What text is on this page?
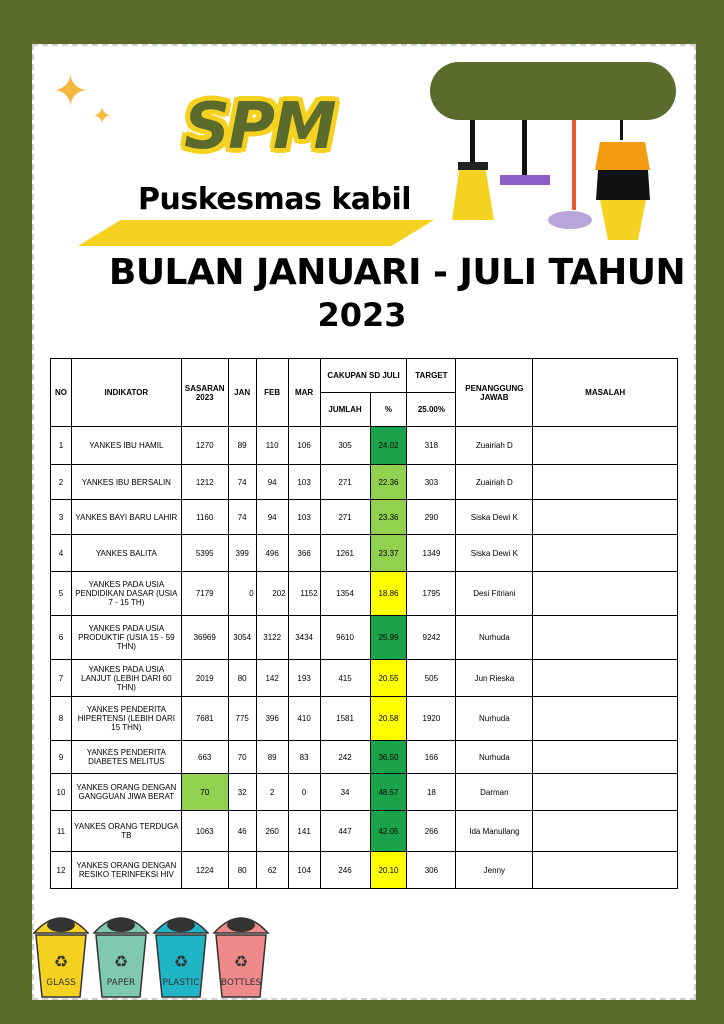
✦ ✦ SPM
Puskesmas kabil
BULAN JANUARI - JULI TAHUN
2023
NO	INDIKATOR	SASARAN 2023	JAN	FEB	MAR	CAKUPAN SD JULI		TARGET	PENANGGUNG JAWAB	MASALAH
						JUMLAH	%	25.00%		
1	YANKES IBU HAMIL	1270	89	110	106	305	24.02	318	Zuairiah D	
2	YANKES IBU BERSALIN	1212	74	94	103	271	22.36	303	Zuairiah D	
3	YANKES BAYI BARU LAHIR	1160	74	94	103	271	23.36	290	Siska Dewi K	
4	YANKES BALITA	5395	399	496	366	1261	23.37	1349	Siska Dewi K	
5	YANKES PADA USIA PENDIDIKAN DASAR (USIA 7 - 15 TH)	7179	0	202	1152	1354	18.86	1795	Desi Fitriani	
6	YANKES PADA USIA PRODUKTIF (USIA 15 - 59 THN)	36969	3054	3122	3434	9610	25.99	9242	Nurhuda	
7	YANKES PADA USIA LANJUT (LEBIH DARI 60 THN)	2019	80	142	193	415	20.55	505	Jun Rieska	
8	YANKES PENDERITA HIPERTENSI (LEBIH DARI 15 THN)	7681	775	396	410	1581	20.58	1920	Nurhuda	
9	YANKES PENDERITA DIABETES MELITUS	663	70	89	83	242	36.50	166	Nurhuda	
10	YANKES ORANG DENGAN GANGGUAN JIWA BERAT	70	32	2	0	34	48.57	18	Darman	
11	YANKES ORANG TERDUGA TB	1063	46	260	141	447	42.05	266	Ida Manullang	
12	YANKES ORANG DENGAN RESIKO TERINFEKSI HIV	1224	80	62	104	246	20.10	306	Jenny	
♻
GLASS
♻
PAPER
♻
PLASTIC
♻
BOTTLES
